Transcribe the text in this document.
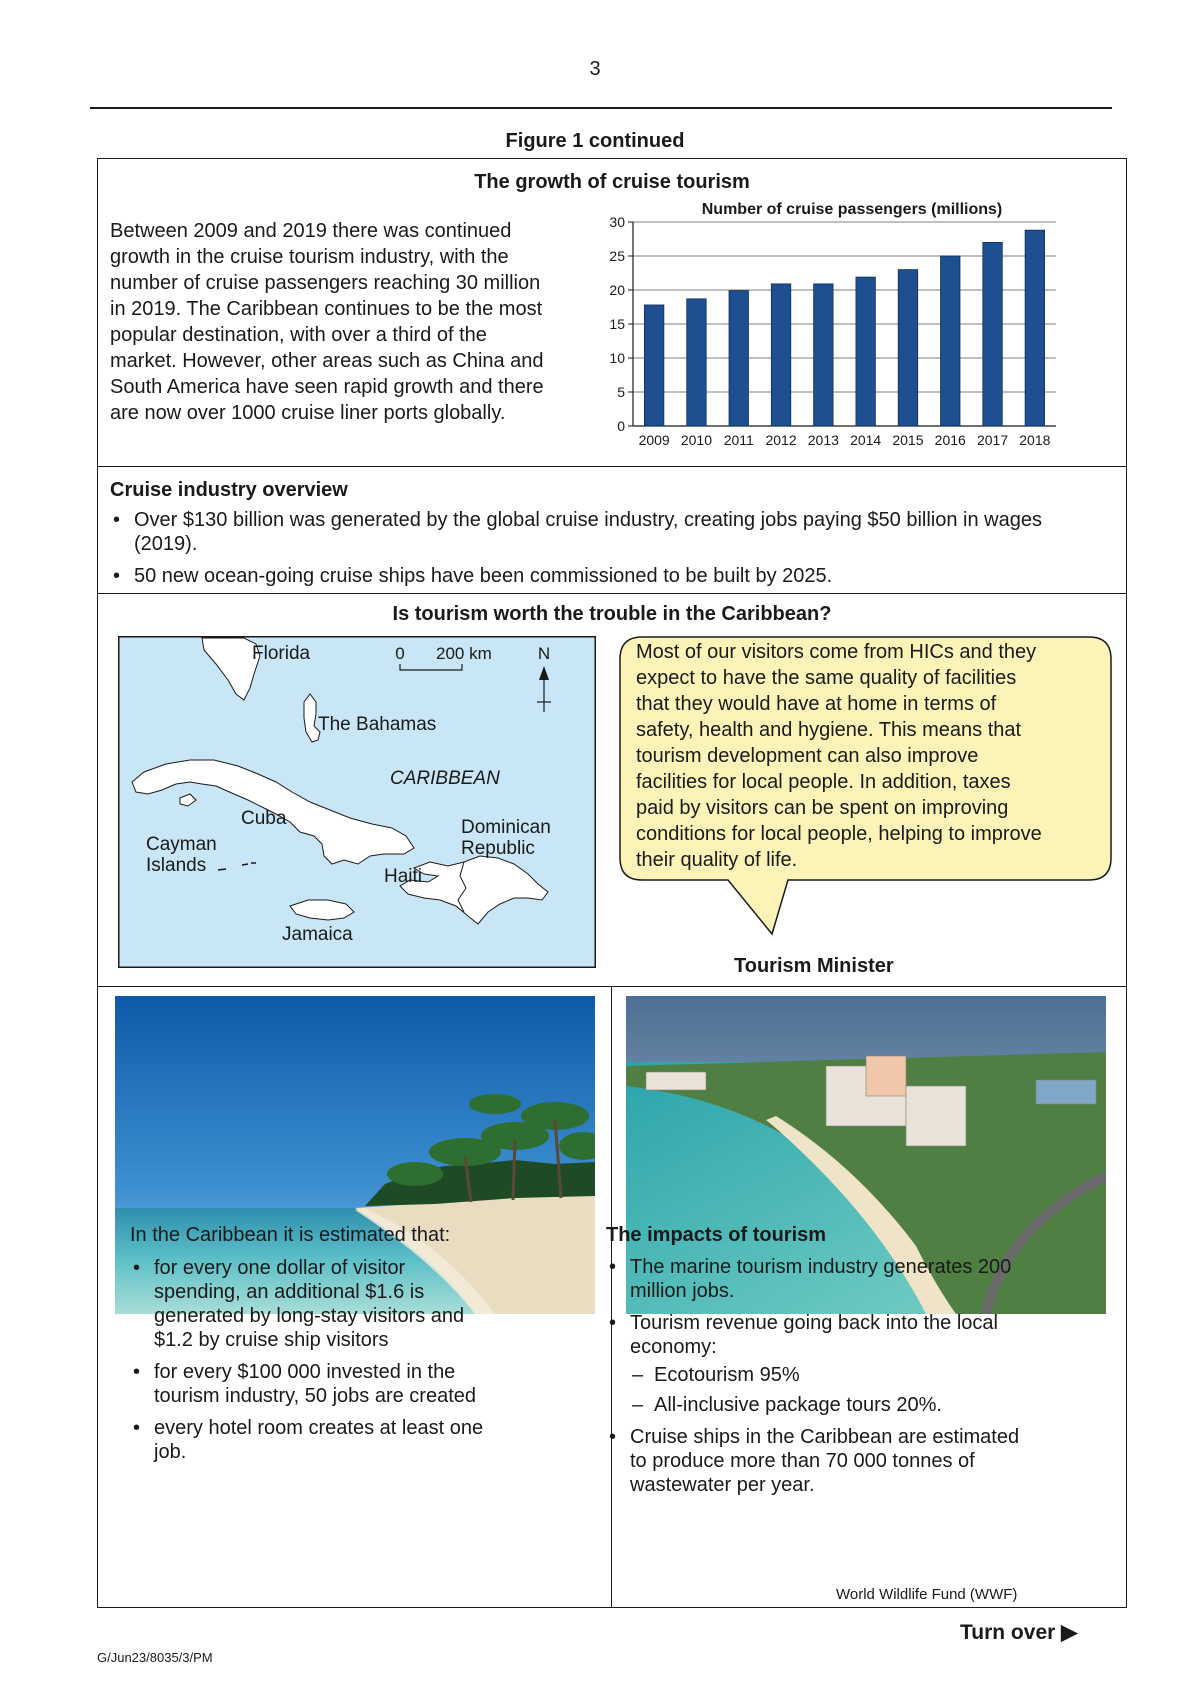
3
Figure 1 continued
The growth of cruise tourism

Between 2009 and 2019 there was continued

growth in the cruise tourism industry, with the

number of cruise passengers reaching 30 million

in 2019. The Caribbean continues to be the most

popular destination, with over a third of the

market. However, other areas such as China and

South America have seen rapid growth and there

are now over 1000 cruise liner ports globally.

Number of cruise passengers (millions)
0
5
10
15
20
25
30
2009 2010 2011 2012 2013 2014 2015 2016 2017 2018
Cruise industry overview
• Over $130 billion was generated by the global cruise industry, creating jobs paying $50 billion in wages (2019).
• 50 new ocean-going cruise ships have been commissioned to be built by 2025.
Is tourism worth the trouble in the Caribbean?
0 200 km	N
Florida
The Bahamas
CARIBBEAN
Cuba
Cayman
Islands
Dominican
Republic
Haiti
Jamaica

Most of our visitors come from HICs and they

expect to have the same quality of facilities

that they would have at home in terms of

safety, health and hygiene. This means that

tourism development can also improve

facilities for local people. In addition, taxes

paid by visitors can be spent on improving

conditions for local people, helping to improve

their quality of life.

Tourism Minister
In the Caribbean it is estimated that:
• for every one dollar of visitor spending, an additional $1.6 is generated by long-stay visitors and $1.2 by cruise ship visitors
• for every $100 000 invested in the tourism industry, 50 jobs are created
• every hotel room creates at least one job.
The impacts of tourism
• The marine tourism industry generates 200 million jobs.
• Tourism revenue going back into the local economy:
– Ecotourism 95%
– All-inclusive package tours 20%.
• Cruise ships in the Caribbean are estimated to produce more than 70 000 tonnes of wastewater per year.
World Wildlife Fund (WWF)
Turn over ▶
G/Jun23/8035/3/PM
